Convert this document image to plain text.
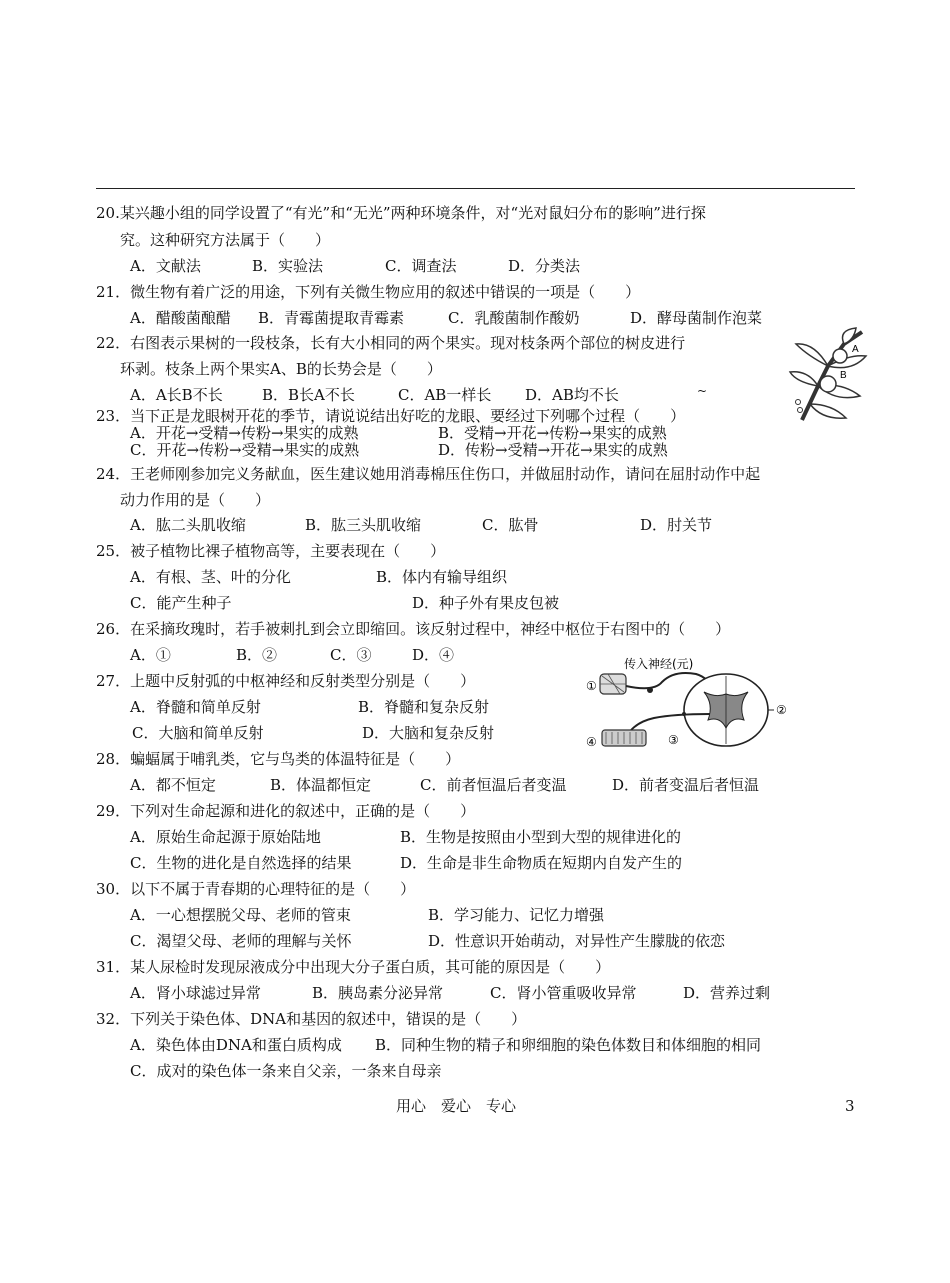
20.某兴趣小组的同学设置了“有光”和“无光”两种环境条件，对“光对鼠妇分布的影响”进行探
究。这种研究方法属于（　　）
A．文献法	B．实验法	C．调查法	D．分类法
21．微生物有着广泛的用途，下列有关微生物应用的叙述中错误的一项是（　　）
A．醋酸菌酿醋 B．青霉菌提取青霉素	C．乳酸菌制作酸奶	D．酵母菌制作泡菜
22．右图表示果树的一段枝条，长有大小相同的两个果实。现对枝条两个部位的树皮进行
环剥。枝条上两个果实A、B的长势会是（　　）
A．A长B不长	B．B长A不长	C．AB一样长 D．AB均不长
A
B
~
23．当下正是龙眼树开花的季节，请说说结出好吃的龙眼、要经过下列哪个过程（　　）
A．开花→受精→传粉→果实的成熟	B．受精→开花→传粉→果实的成熟
C．开花→传粉→受精→果实的成熟	D．传粉→受精→开花→果实的成熟
24．王老师刚参加完义务献血，医生建议她用消毒棉压住伤口，并做屈肘动作，请问在屈肘动作中起
动力作用的是（　　）
A．肱二头肌收缩	B．肱三头肌收缩	C．肱骨	D．肘关节
25．被子植物比裸子植物高等，主要表现在（　　）
A．有根、茎、叶的分化	B．体内有输导组织
C．能产生种子	D．种子外有果皮包被
26．在采摘玫瑰时，若手被刺扎到会立即缩回。该反射过程中，神经中枢位于右图中的（　　）
A．①	B．②	C．③	D．④
27．上题中反射弧的中枢神经和反射类型分别是（　　）
A．脊髓和简单反射	B．脊髓和复杂反射
C．大脑和简单反射	D．大脑和复杂反射
传入神经(元)
①
②
③
④
28．蝙蝠属于哺乳类，它与鸟类的体温特征是（　　）
A．都不恒定	B．体温都恒定	C．前者恒温后者变温	D．前者变温后者恒温
29．下列对生命起源和进化的叙述中，正确的是（　　）
A．原始生命起源于原始陆地	B．生物是按照由小型到大型的规律进化的
C．生物的进化是自然选择的结果	D．生命是非生命物质在短期内自发产生的
30．以下不属于青春期的心理特征的是（　　）
A．一心想摆脱父母、老师的管束	B．学习能力、记忆力增强
C．渴望父母、老师的理解与关怀	D．性意识开始萌动，对异性产生朦胧的依恋
31．某人尿检时发现尿液成分中出现大分子蛋白质，其可能的原因是（　　）
A．肾小球滤过异常	B．胰岛素分泌异常	C．肾小管重吸收异常	D．营养过剩
32．下列关于染色体、DNA和基因的叙述中，错误的是（　　）
A．染色体由DNA和蛋白质构成 B．同种生物的精子和卵细胞的染色体数目和体细胞的相同
C．成对的染色体一条来自父亲，一条来自母亲
用心　爱心　专心	3
